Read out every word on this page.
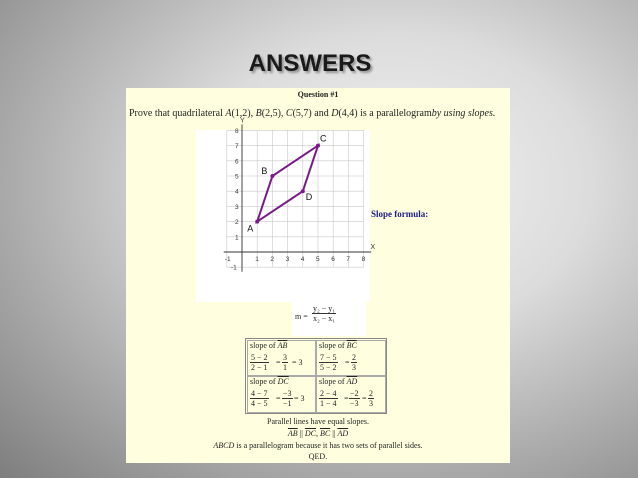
ANSWERS
Question #1
Prove that quadrilateral A(1,2), B(2,5), C(5,7) and D(4,4) is a parallelogramby using slopes.
X
Y
-1	1 2 3 4 5 6 7 8
-1
1
2
3
4
5
6
7
8
A
B
C
D
Slope formula:
$m = \frac{\text{y₂ − y₁}}{\text{x₂ − x₁}}$
slope of $\overline{AB}$
$\frac{5 - 2}{2 - 1} = \frac{3}{1} = 3$
slope of $\overline{BC}$
$\frac{7 - 5}{5 - 2} = \frac{2}{3}$
slope of $\overline{DC}$
$\frac{4 - 7}{4 - 5} = \frac{-3}{-1} = 3$
slope of $\overline{AD}$
$\frac{2 - 4}{1 - 4} = \frac{-2}{-3} = \frac{2}{3}$
Parallel lines have equal slopes.
$\overline{AB}$ || $\overline{DC}$, $\overline{BC}$ || $\overline{AD}$
ABCD is a parallelogram because it has two sets of parallel sides.
QED.
